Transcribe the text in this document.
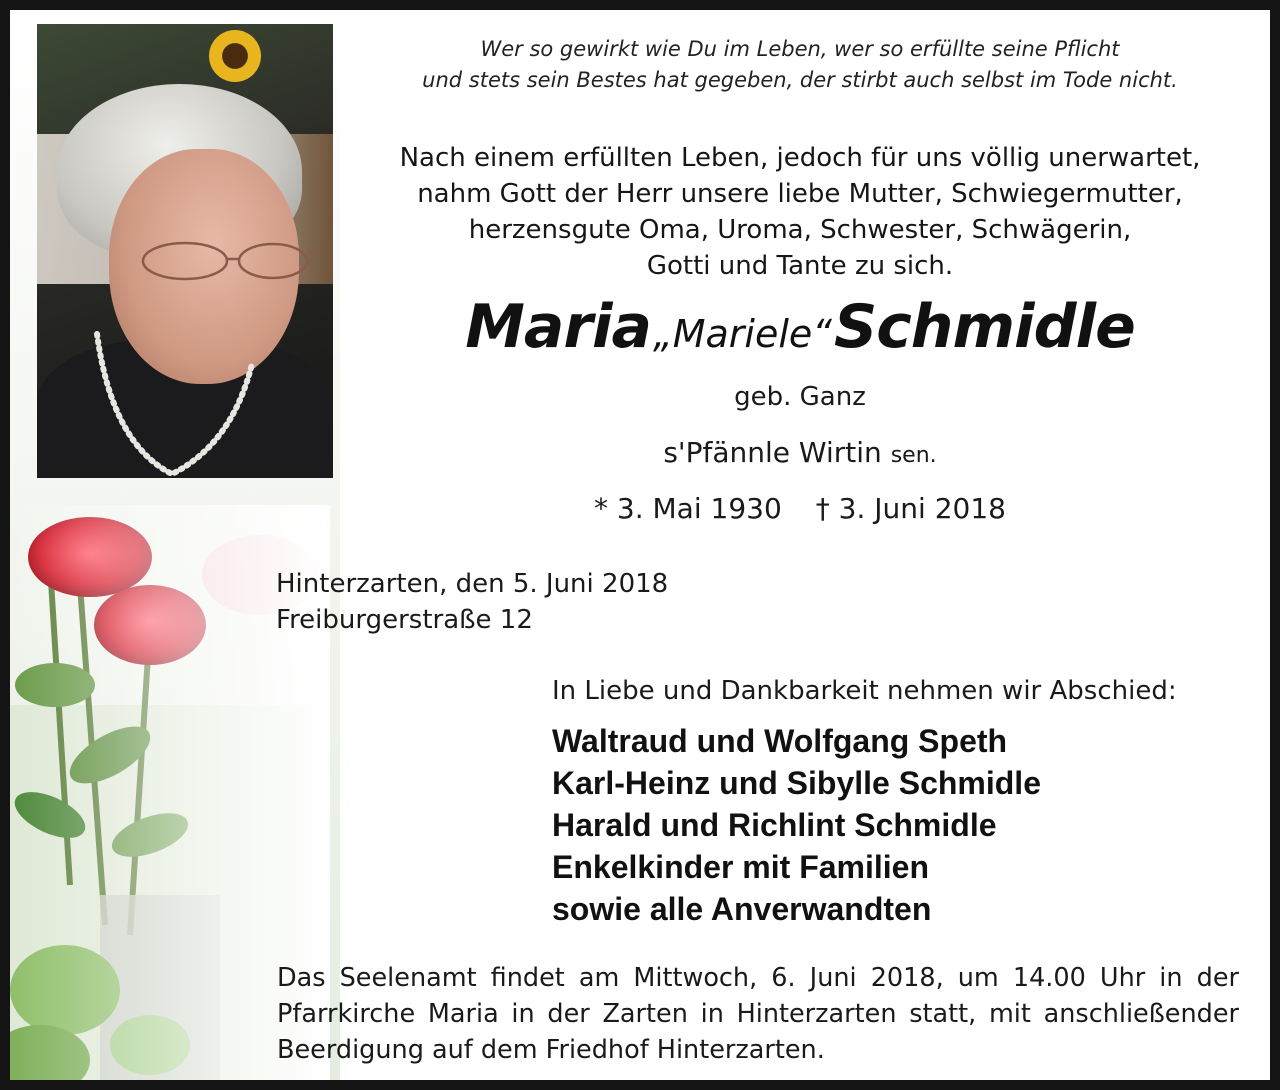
Wer so gewirkt wie Du im Leben, wer so erfüllte seine Pflicht
und stets sein Bestes hat gegeben, der stirbt auch selbst im Tode nicht.
Nach einem erfüllten Leben, jedoch für uns völlig unerwartet,
nahm Gott der Herr unsere liebe Mutter, Schwiegermutter,
herzensgute Oma, Uroma, Schwester, Schwägerin,
Gotti und Tante zu sich.
Maria„Mariele“Schmidle
geb. Ganz
s'Pfännle Wirtin sen.
* 3. Mai 1930 † 3. Juni 2018
Hinterzarten, den 5. Juni 2018
Freiburgerstraße 12
In Liebe und Dankbarkeit nehmen wir Abschied:
Waltraud und Wolfgang Speth
Karl-Heinz und Sibylle Schmidle
Harald und Richlint Schmidle
Enkelkinder mit Familien
sowie alle Anverwandten
Das Seelenamt findet am Mittwoch, 6. Juni 2018, um 14.00 Uhr in der Pfarrkirche Maria in der Zarten in Hinterzarten statt, mit anschließender Beerdigung auf dem Friedhof Hinterzarten.
